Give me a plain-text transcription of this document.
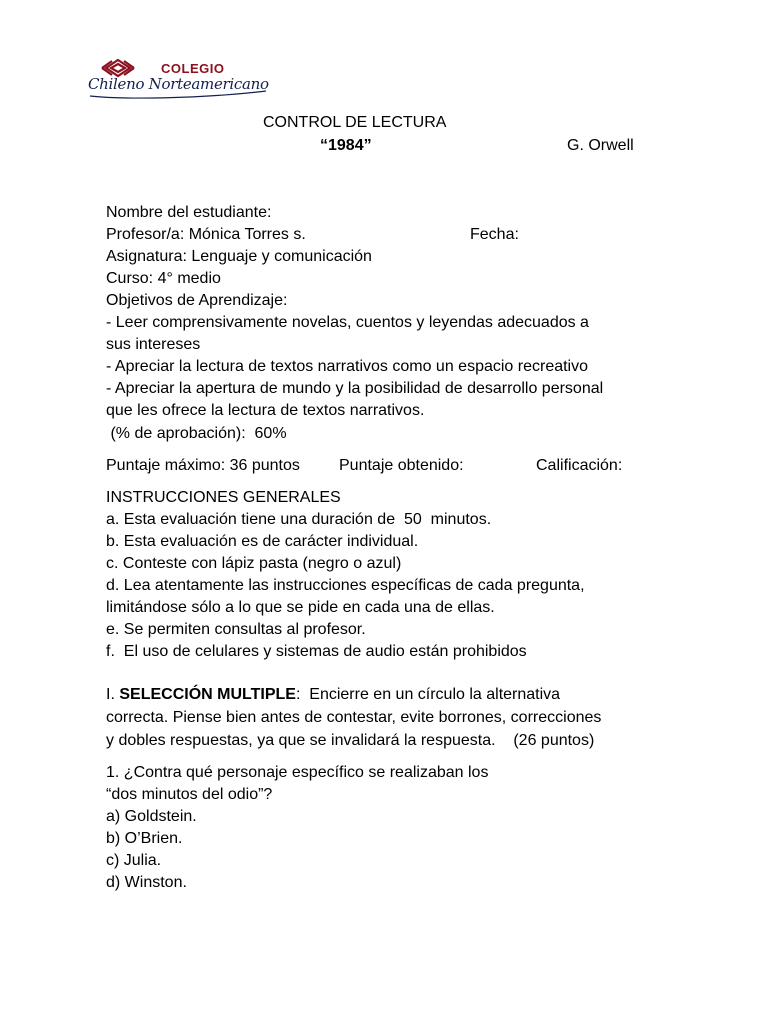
COLEGIO
Chileno Norteamericano
CONTROL DE LECTURA
“1984”	G. Orwell
Nombre del estudiante:
Profesor/a: Mónica Torres s.	Fecha:
Asignatura: Lenguaje y comunicación
Curso: 4° medio
Objetivos de Aprendizaje:
- Leer comprensivamente novelas, cuentos y leyendas adecuados a
sus intereses
- Apreciar la lectura de textos narrativos como un espacio recreativo
- Apreciar la apertura de mundo y la posibilidad de desarrollo personal
que les ofrece la lectura de textos narrativos.
(% de aprobación):  60%
Puntaje máximo: 36 puntos Puntaje obtenido:	Calificación:
INSTRUCCIONES GENERALES
a. Esta evaluación tiene una duración de  50  minutos.
b. Esta evaluación es de carácter individual.
c. Conteste con lápiz pasta (negro o azul)
d. Lea atentamente las instrucciones específicas de cada pregunta,
limitándose sólo a lo que se pide en cada una de ellas.
e. Se permiten consultas al profesor.
f.  El uso de celulares y sistemas de audio están prohibidos
I. SELECCIÓN MULTIPLE:  Encierre en un círculo la alternativa
correcta. Piense bien antes de contestar, evite borrones, correcciones
y dobles respuestas, ya que se invalidará la respuesta.    (26 puntos)
1. ¿Contra qué personaje específico se realizaban los
“dos minutos del odio”?
a) Goldstein.
b) O’Brien.
c) Julia.
d) Winston.
